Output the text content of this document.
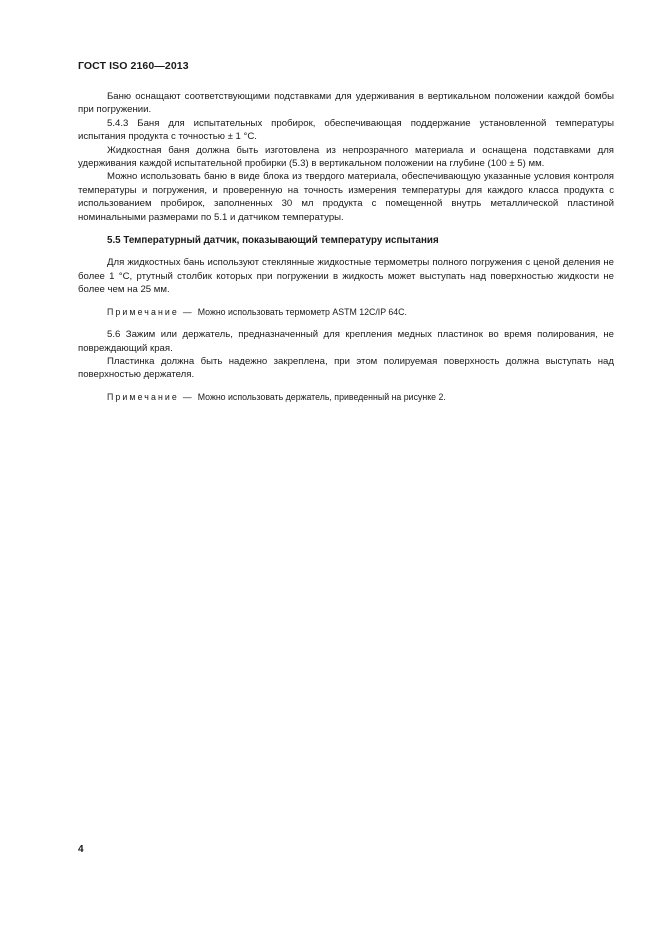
ГОСТ ISO 2160—2013

Баню оснащают соответствующими подставками для удерживания в вертикальном положении каждой бомбы при погружении.

5.4.3 Баня для испытательных пробирок, обеспечивающая поддержание установленной температуры испытания продукта с точностью ± 1 °С.

Жидкостная баня должна быть изготовлена из непрозрачного материала и оснащена подставками для удерживания каждой испытательной пробирки (5.3) в вертикальном положении на глубине (100 ± 5) мм.

Можно использовать баню в виде блока из твердого материала, обеспечивающую указанные условия контроля температуры и погружения, и проверенную на точность измерения температуры для каждого класса продукта с использованием пробирок, заполненных 30 мл продукта с помещенной внутрь металлической пластиной номинальными размерами по 5.1 и датчиком температуры.

5.5 Температурный датчик, показывающий температуру испытания

Для жидкостных бань используют стеклянные жидкостные термометры полного погружения с ценой деления не более 1 °С, ртутный столбик которых при погружении в жидкость может выступать над поверхностью жидкости не более чем на 25 мм.

Примечание — Можно использовать термометр ASTM 12C/IP 64C.

5.6 Зажим или держатель, предназначенный для крепления медных пластинок во время полирования, не повреждающий края.

Пластинка должна быть надежно закреплена, при этом полируемая поверхность должна выступать над поверхностью держателя.

Примечание — Можно использовать держатель, приведенный на рисунке 2.

4
